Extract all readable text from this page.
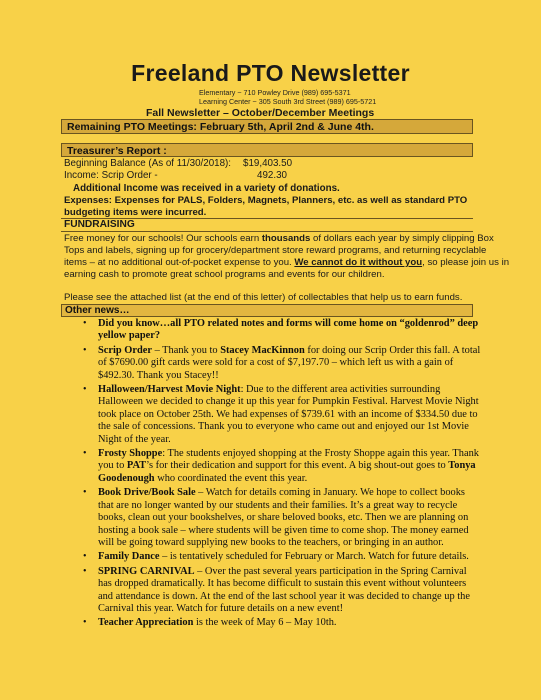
Freeland PTO Newsletter
Elementary ~ 710 Powley Drive (989) 695-5371
Learning Center ~ 305 South 3rd Street (989) 695-5721
Fall Newsletter – October/December Meetings
Remaining PTO Meetings: February 5th, April 2nd & June 4th.
Treasurer’s Report :
Beginning Balance (As of 11/30/2018): $19,403.50
Income: Scrip Order -	492.30
Additional Income was received in a variety of donations.
Expenses: Expenses for PALS, Folders, Magnets, Planners, etc. as well as standard PTO
budgeting items were incurred.
FUNDRAISING
Free money for our schools! Our schools earn thousands of dollars each year by simply clipping Box
Tops and labels, signing up for grocery/department store reward programs, and returning recyclable
items – at no additional out-of-pocket expense to you. We cannot do it without you, so please join us in
earning cash to promote great school programs and events for our children.
Please see the attached list (at the end of this letter) of collectables that help us to earn funds.
Other news…
• Did you know…all PTO related notes and forms will come home on “goldenrod” deep yellow paper?
• Scrip Order – Thank you to Stacey MacKinnon for doing our Scrip Order this fall. A total of $7690.00 gift cards were sold for a cost of $7,197.70 – which left us with a gain of $492.30. Thank you Stacey!!
• Halloween/Harvest Movie Night: Due to the different area activities surrounding Halloween we decided to change it up this year for Pumpkin Festival. Harvest Movie Night took place on October 25th. We had expenses of $739.61 with an income of $334.50 due to the sale of concessions. Thank you to everyone who came out and enjoyed our 1st Movie Night of the year.
• Frosty Shoppe: The students enjoyed shopping at the Frosty Shoppe again this year. Thank you to PAT’s for their dedication and support for this event. A big shout-out goes to Tonya Goodenough who coordinated the event this year.
• Book Drive/Book Sale – Watch for details coming in January. We hope to collect books that are no longer wanted by our students and their families. It’s a great way to recycle books, clean out your bookshelves, or share beloved books, etc. Then we are planning on hosting a book sale – where students will be given time to come shop. The money earned will be going toward supplying new books to the teachers, or bringing in an author.
• Family Dance – is tentatively scheduled for February or March. Watch for future details.
• SPRING CARNIVAL – Over the past several years participation in the Spring Carnival has dropped dramatically. It has become difficult to sustain this event without volunteers and attendance is down. At the end of the last school year it was decided to change up the Carnival this year. Watch for future details on a new event!
• Teacher Appreciation is the week of May 6 – May 10th.
